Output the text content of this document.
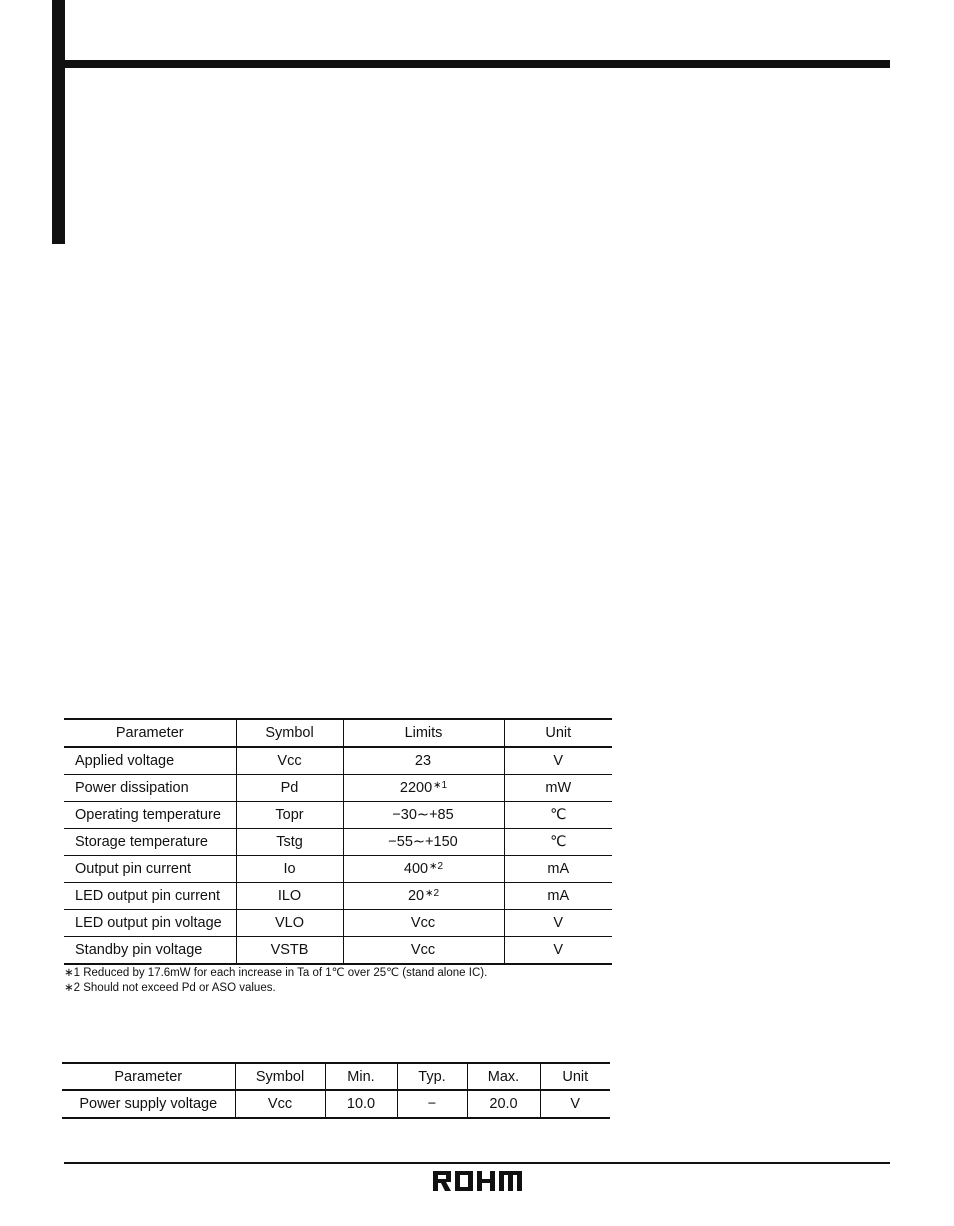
Parameter	Symbol	Limits	Unit
Applied voltage	Vcc	23	V
Power dissipation	Pd	$2200^{∗1}$	mW
Operating temperature	Topr	−30∼+85	℃
Storage temperature	Tstg	−55∼+150	℃
Output pin current	Io	$400^{∗2}$	mA
LED output pin current	ILO	$20^{∗2}$	mA
LED output pin voltage	VLO	Vcc	V
Standby pin voltage	VSTB	Vcc	V
∗1 Reduced by 17.6mW for each increase in Ta of 1℃ over 25℃ (stand alone IC).
∗2 Should not exceed Pd or ASO values.
Parameter	Symbol	Min.	Typ.	Max.	Unit
Power supply voltage	Vcc	10.0	−	20.0	V
